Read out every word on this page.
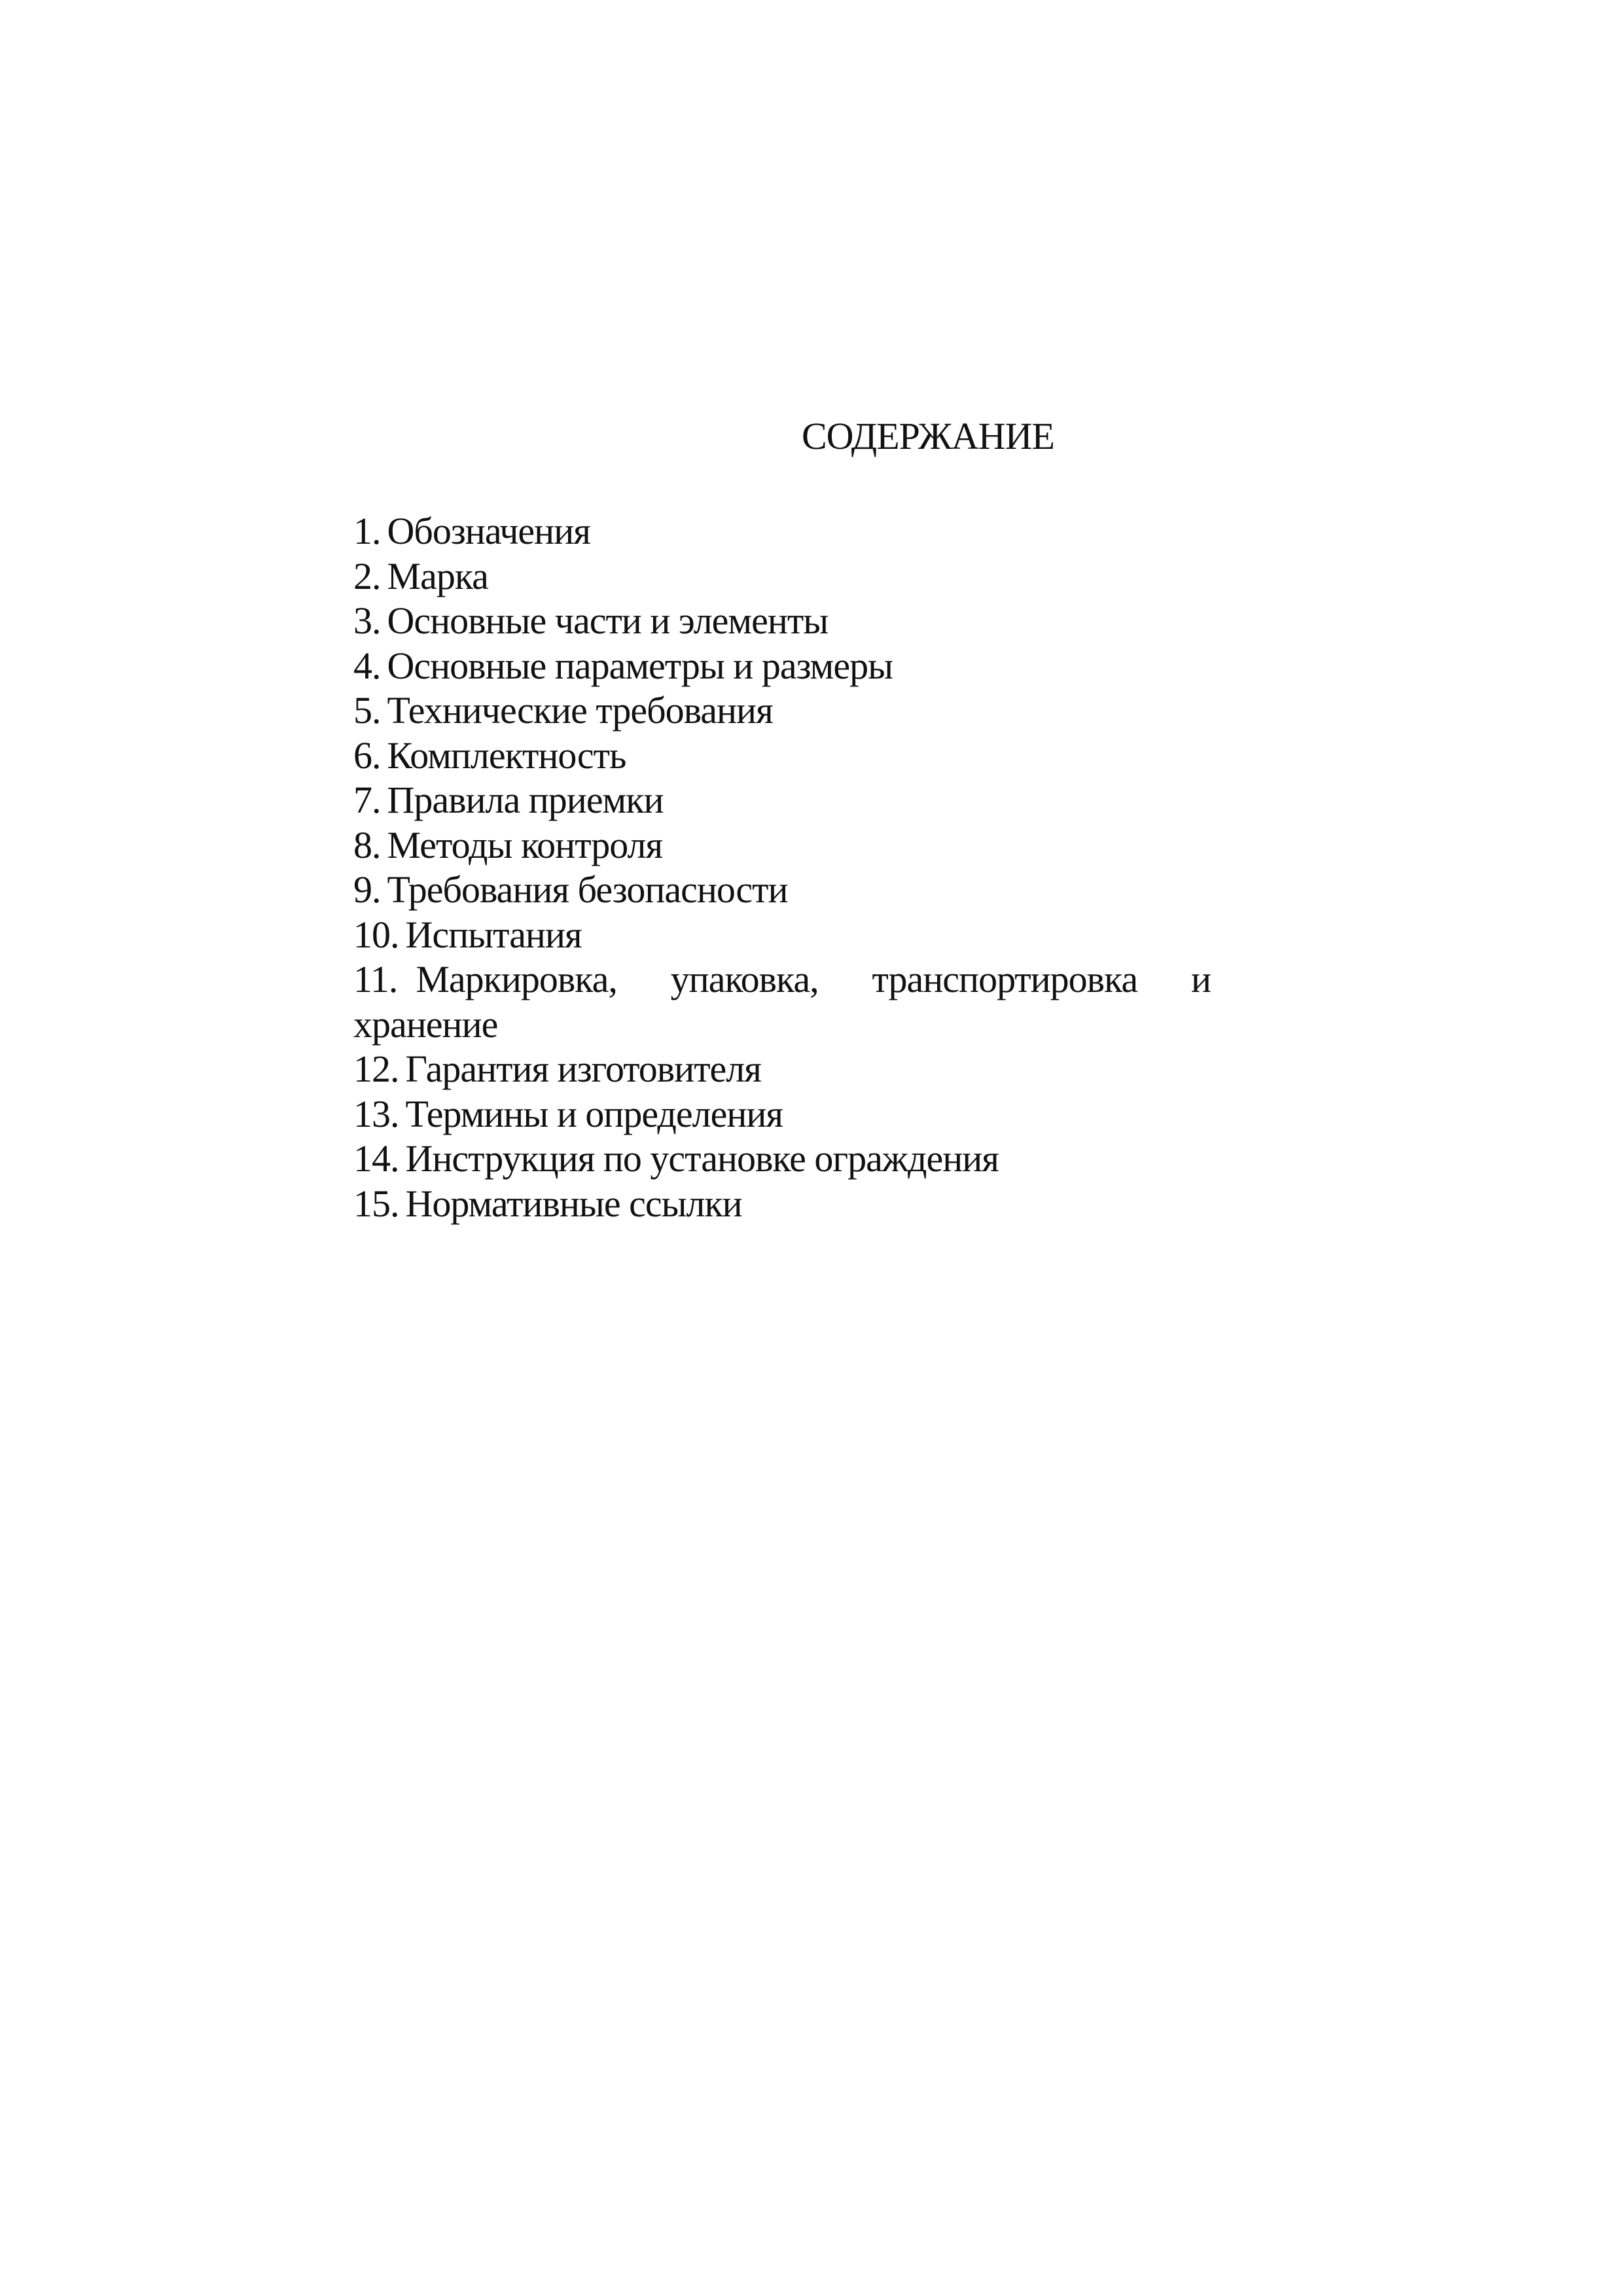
СОДЕРЖАНИЕ
1. Обозначения
2. Марка
3. Основные части и элементы
4. Основные параметры и размеры
5. Технические требования
6. Комплектность
7. Правила приемки
8. Методы контроля
9. Требования безопасности
10. Испытания
11. Маркировка, упаковка, транспортировка и хранение
12. Гарантия изготовителя
13. Термины и определения
14. Инструкция по установке ограждения
15. Нормативные ссылки
